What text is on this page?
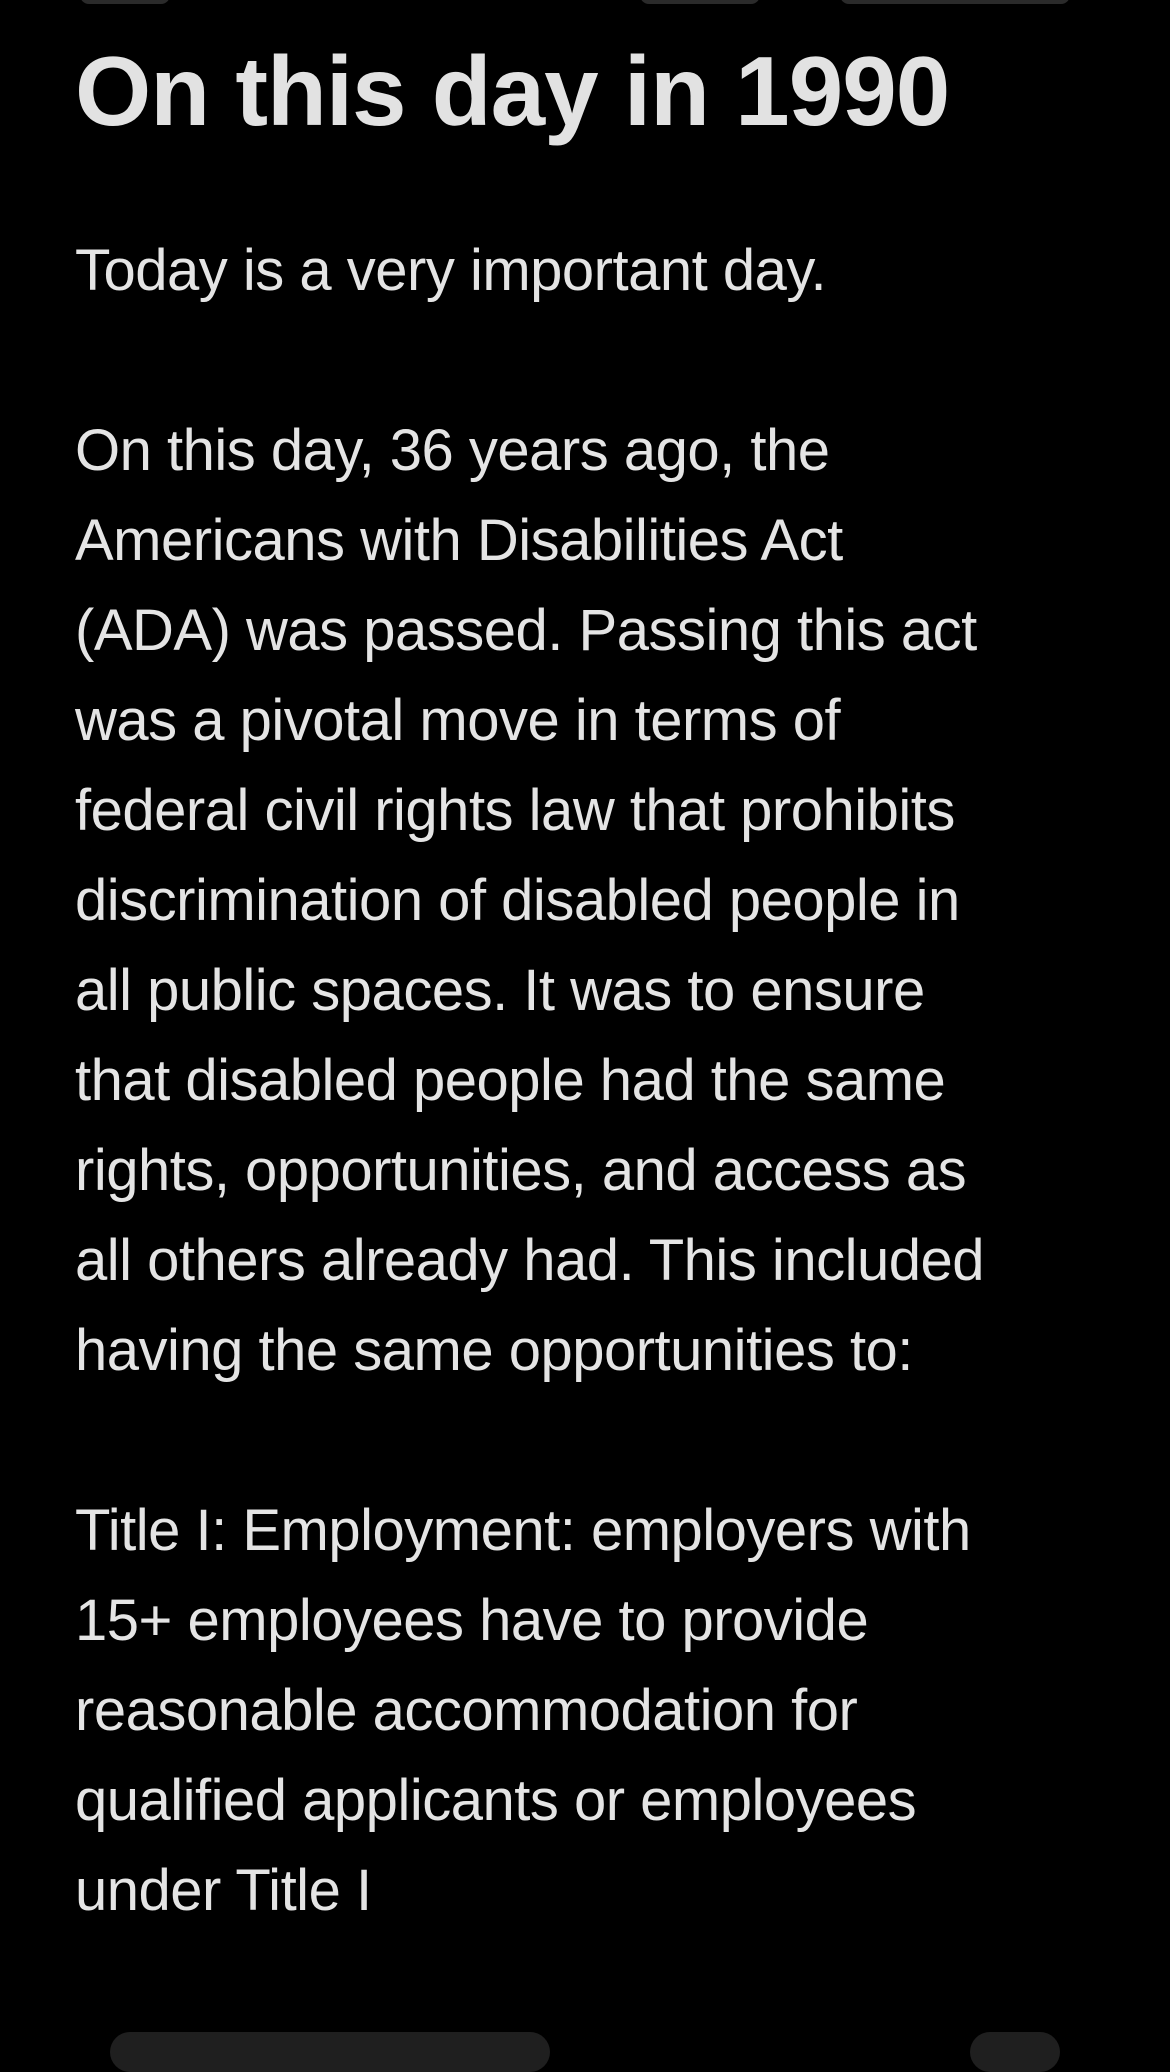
On this day in 1990

Today is a very important day.

On this day, 36 years ago, the
Americans with Disabilities Act
(ADA) was passed. Passing this act
was a pivotal move in terms of
federal civil rights law that prohibits
discrimination of disabled people in
all public spaces. It was to ensure
that disabled people had the same
rights, opportunities, and access as
all others already had. This included
having the same opportunities to:

Title I: Employment: employers with
15+ employees have to provide
reasonable accommodation for
qualified applicants or employees
under Title I
